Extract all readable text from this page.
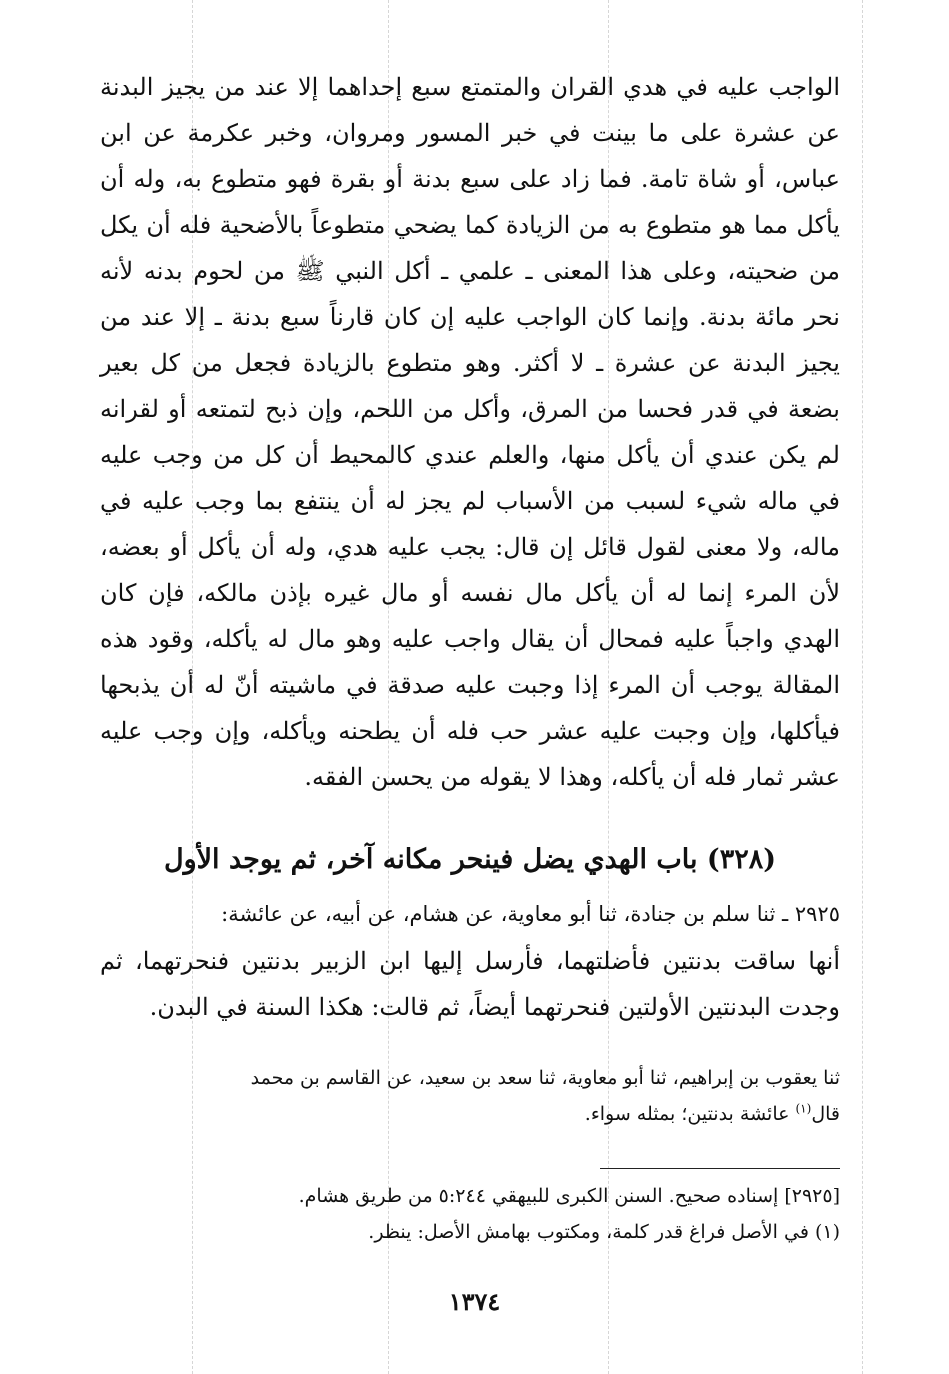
الواجب عليه في هدي القران والمتمتع سبع إحداهما إلا عند من يجيز البدنة عن عشرة على ما بينت في خبر المسور ومروان، وخبر عكرمة عن ابن عباس، أو شاة تامة. فما زاد على سبع بدنة أو بقرة فهو متطوع به، وله أن يأكل مما هو متطوع به من الزيادة كما يضحي متطوعاً بالأضحية فله أن يكل من ضحيته، وعلى هذا المعنى ـ علمي ـ أكل النبي ﷺ من لحوم بدنه لأنه نحر مائة بدنة. وإنما كان الواجب عليه إن كان قارناً سبع بدنة ـ إلا عند من يجيز البدنة عن عشرة ـ لا أكثر. وهو متطوع بالزيادة فجعل من كل بعير بضعة في قدر فحسا من المرق، وأكل من اللحم، وإن ذبح لتمتعه أو لقرانه لم يكن عندي أن يأكل منها، والعلم عندي كالمحيط أن كل من وجب عليه في ماله شيء لسبب من الأسباب لم يجز له أن ينتفع بما وجب عليه في ماله، ولا معنى لقول قائل إن قال: يجب عليه هدي، وله أن يأكل أو بعضه، لأن المرء إنما له أن يأكل مال نفسه أو مال غيره بإذن مالكه، فإن كان الهدي واجباً عليه فمحال أن يقال واجب عليه وهو مال له يأكله، وقود هذه المقالة يوجب أن المرء إذا وجبت عليه صدقة في ماشيته أنّ له أن يذبحها فيأكلها، وإن وجبت عليه عشر حب فله أن يطحنه ويأكله، وإن وجب عليه عشر ثمار فله أن يأكله، وهذا لا يقوله من يحسن الفقه.
(٣٢٨) باب الهدي يضل فينحر مكانه آخر، ثم يوجد الأول
٢٩٢٥ ـ ثنا سلم بن جنادة، ثنا أبو معاوية، عن هشام، عن أبيه، عن عائشة:
أنها ساقت بدنتين فأضلتهما، فأرسل إليها ابن الزبير بدنتين فنحرتهما، ثم وجدت البدنتين الأولتين فنحرتهما أيضاً، ثم قالت: هكذا السنة في البدن.
ثنا يعقوب بن إبراهيم، ثنا أبو معاوية، ثنا سعد بن سعيد، عن القاسم بن محمد
قال$^{(١)}$ عائشة بدنتين؛ بمثله سواء.
[٢٩٢٥] إسناده صحيح. السنن الكبرى للبيهقي ٥:٢٤٤ من طريق هشام.
(١) في الأصل فراغ قدر كلمة، ومكتوب بهامش الأصل: ينظر.
١٣٧٤
